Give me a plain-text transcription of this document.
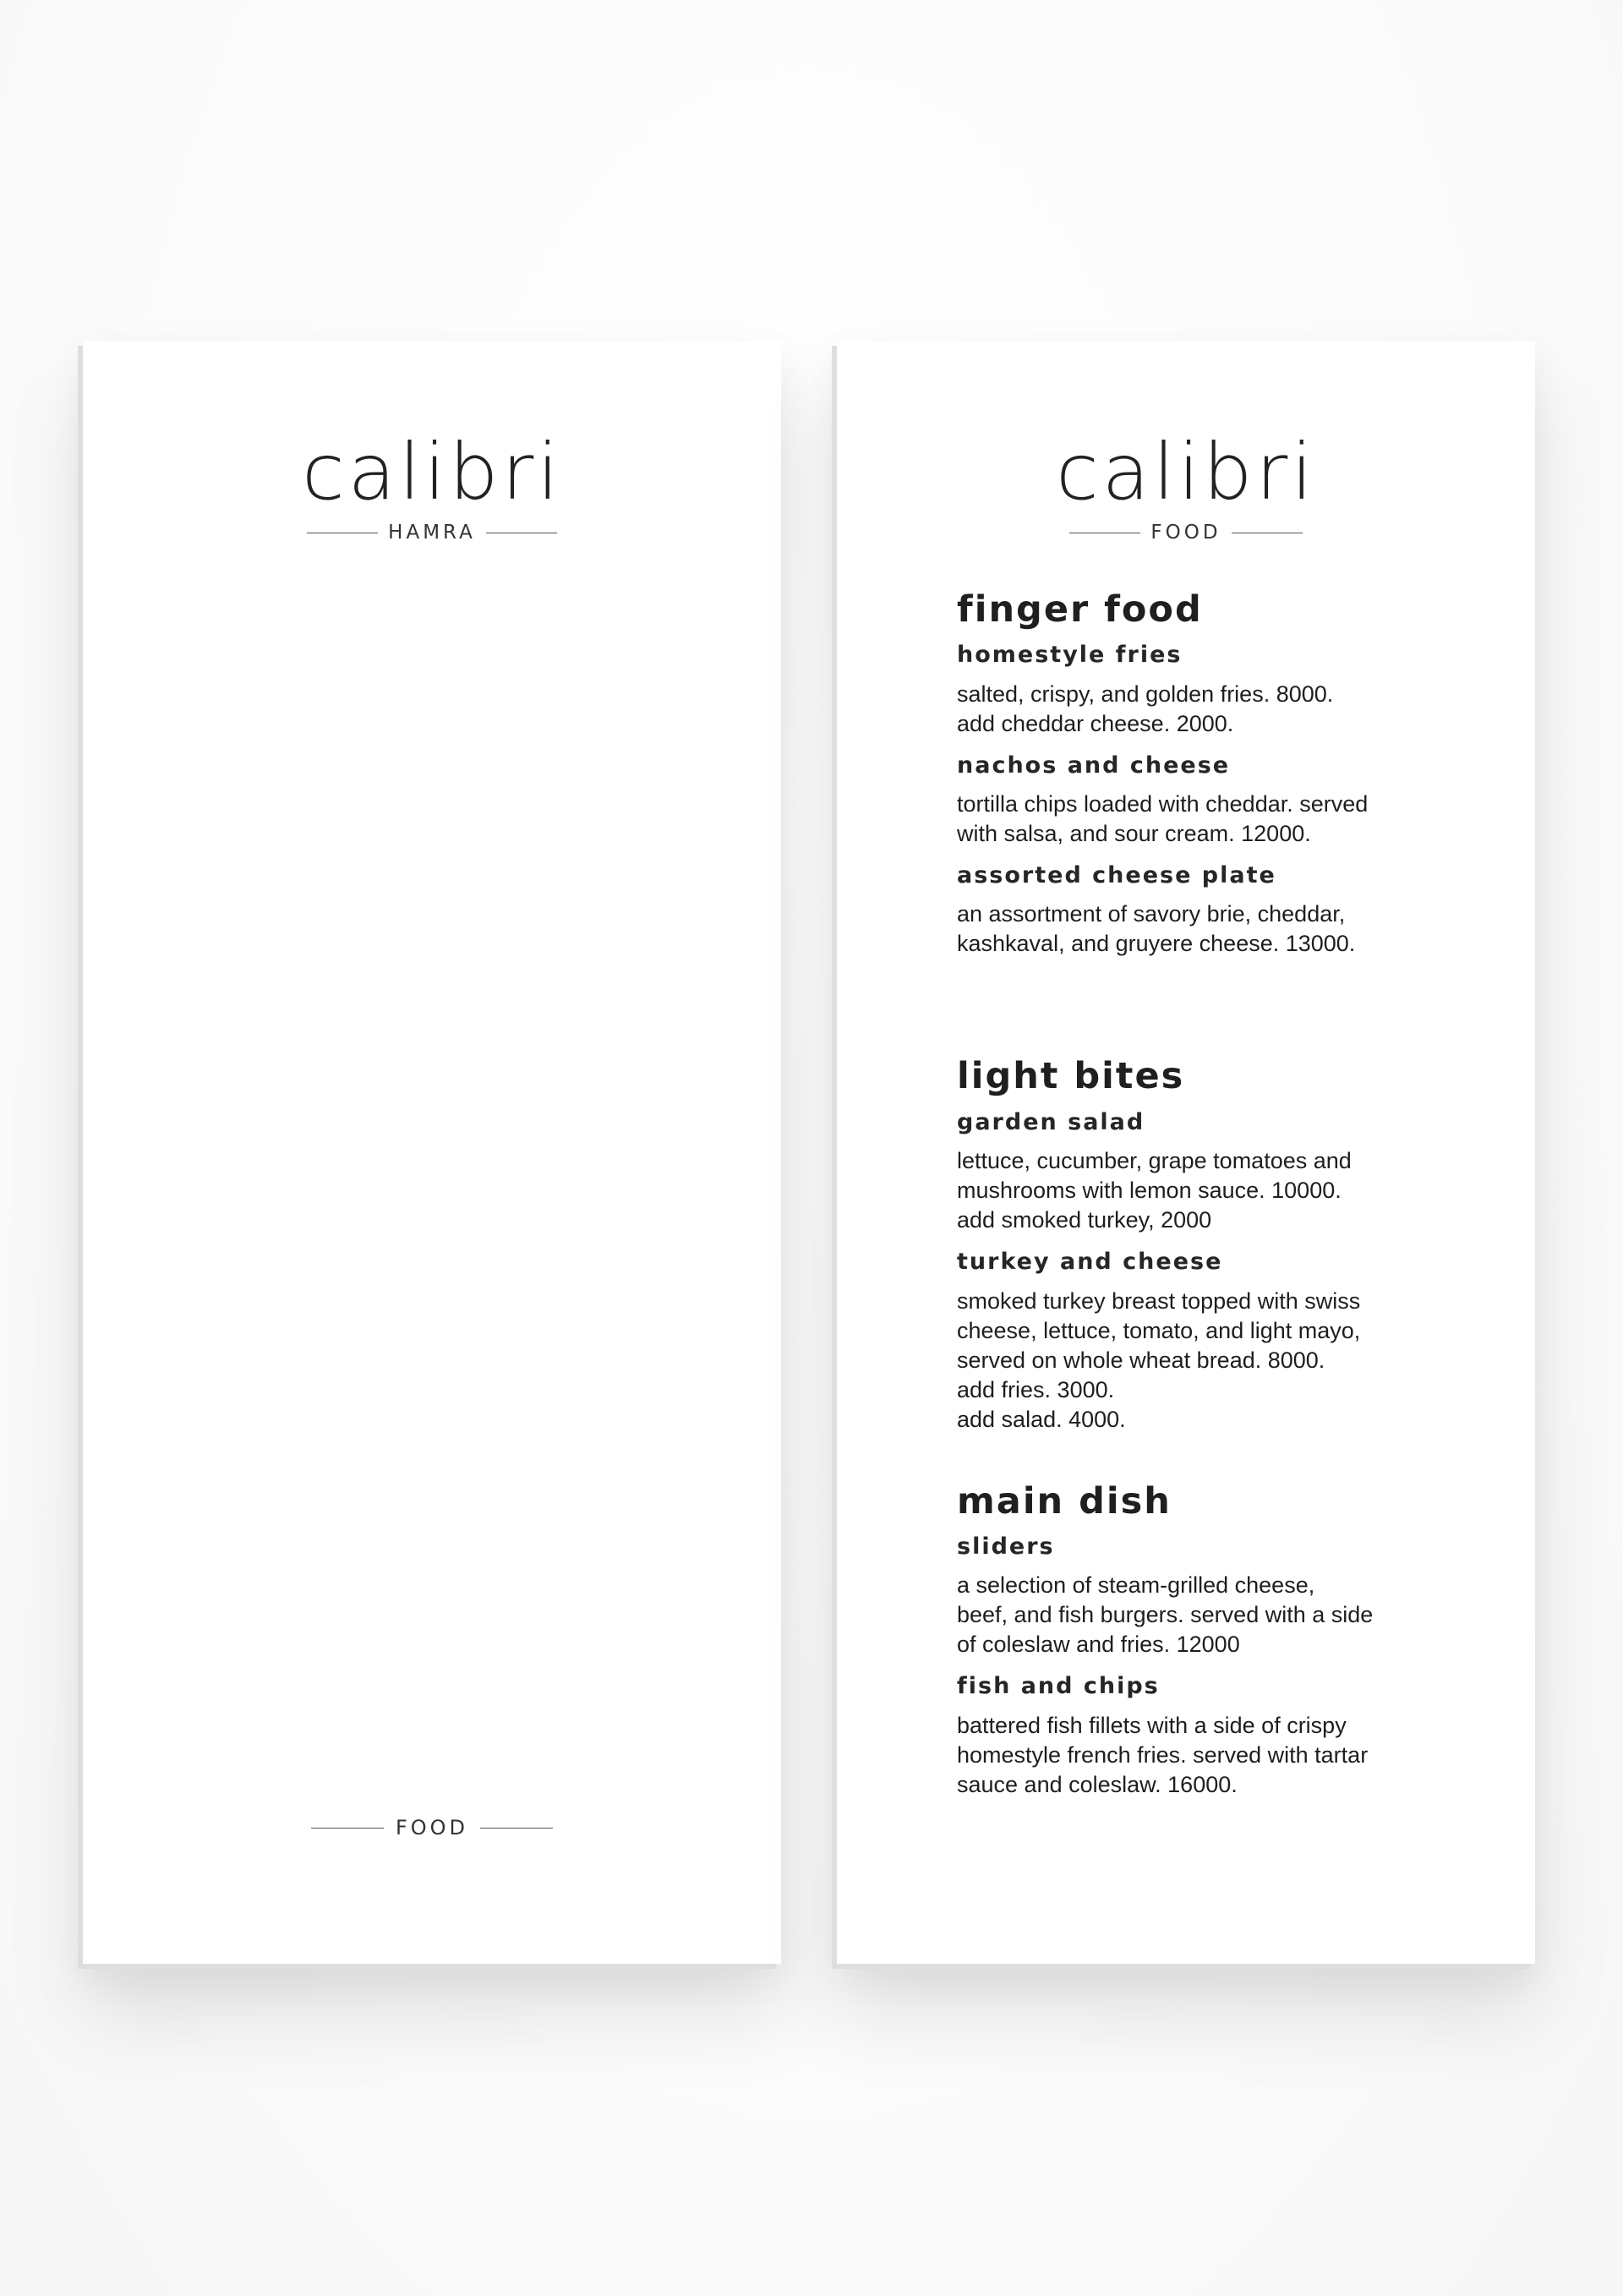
calibri
HAMRA
FOOD
calibri
FOOD
finger food
homestyle fries

salted, crispy, and golden fries. 8000.
add cheddar cheese. 2000.

nachos and cheese

tortilla chips loaded with cheddar. served
with salsa, and sour cream. 12000.

assorted cheese plate

an assortment of savory brie, cheddar,
kashkaval, and gruyere cheese. 13000.

light bites
garden salad

lettuce, cucumber, grape tomatoes and
mushrooms with lemon sauce. 10000.
add smoked turkey, 2000

turkey and cheese

smoked turkey breast topped with swiss
cheese, lettuce, tomato, and light mayo,
served on whole wheat bread. 8000.
add fries. 3000.
add salad. 4000.

main dish
sliders

a selection of steam-grilled cheese,
beef, and fish burgers. served with a side
of coleslaw and fries. 12000

fish and chips

battered fish fillets with a side of crispy
homestyle french fries. served with tartar
sauce and coleslaw. 16000.
